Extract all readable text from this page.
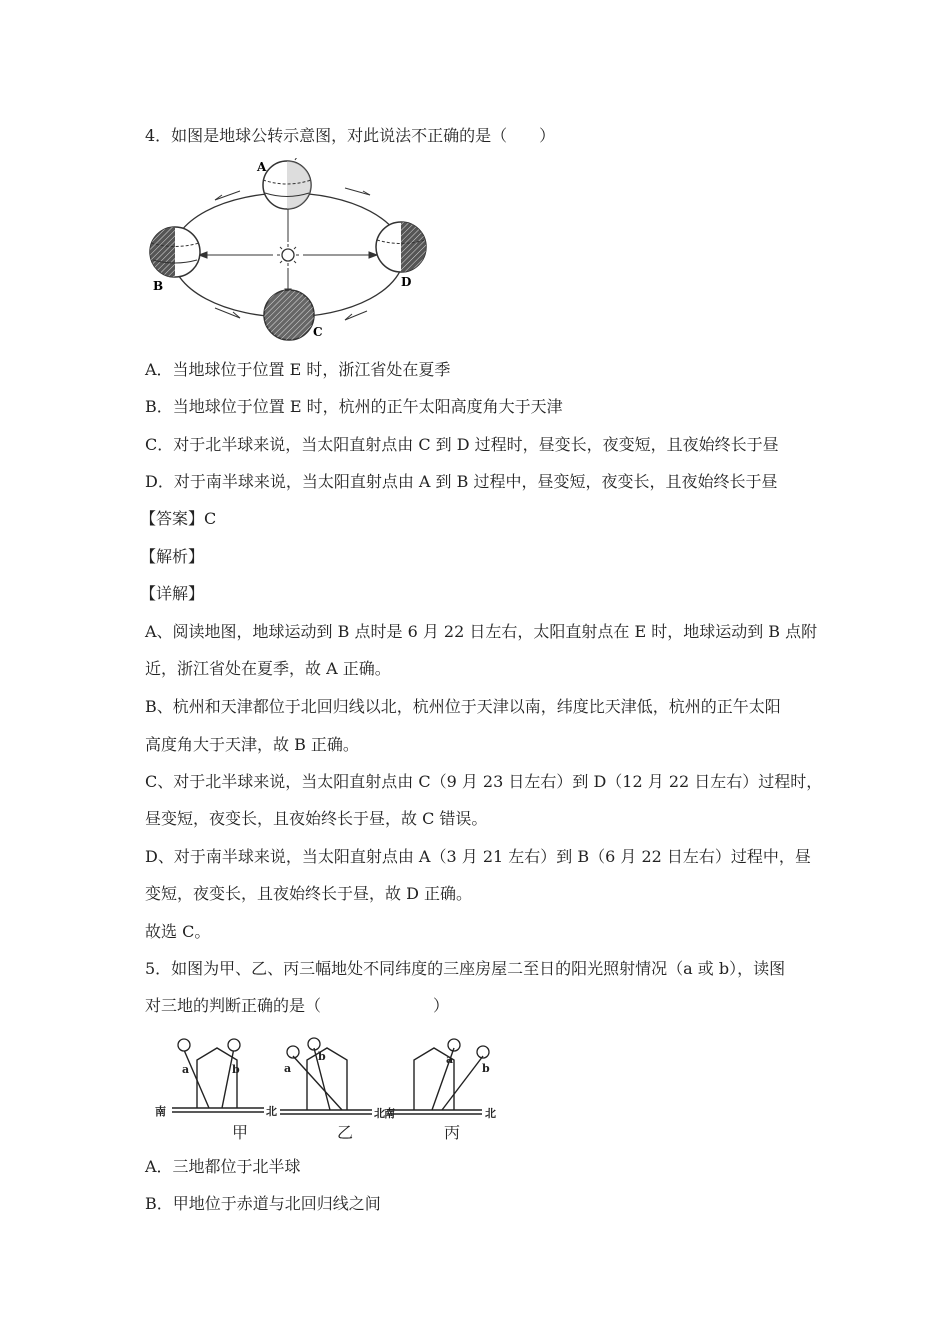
4．如图是地球公转示意图，对此说法不正确的是（　　）
A
B
C
D
A．当地球位于位置 E 时，浙江省处在夏季
B．当地球位于位置 E 时，杭州的正午太阳高度角大于天津
C．对于北半球来说，当太阳直射点由 C 到 D 过程时，昼变长，夜变短，且夜始终长于昼
D．对于南半球来说，当太阳直射点由 A 到 B 过程中，昼变短，夜变长，且夜始终长于昼
【答案】C
【解析】
【详解】
A、阅读地图，地球运动到 B 点时是 6 月 22 日左右，太阳直射点在 E 时，地球运动到 B 点附
近，浙江省处在夏季，故 A 正确。
B、杭州和天津都位于北回归线以北，杭州位于天津以南，纬度比天津低，杭州的正午太阳
高度角大于天津，故 B 正确。
C、对于北半球来说，当太阳直射点由 C（9 月 23 日左右）到 D（12 月 22 日左右）过程时，
昼变短，夜变长，且夜始终长于昼，故 C 错误。
D、对于南半球来说，当太阳直射点由 A（3 月 21 左右）到 B（6 月 22 日左右）过程中，昼
变短，夜变长，且夜始终长于昼，故 D 正确。
故选 C。
5．如图为甲、乙、丙三幅地处不同纬度的三座房屋二至日的阳光照射情况（a 或 b），读图
对三地的判断正确的是（　　　　　　　）
a	b	a
b	a
b
南	北	北 南	北
甲	乙	丙
A．三地都位于北半球
B．甲地位于赤道与北回归线之间
